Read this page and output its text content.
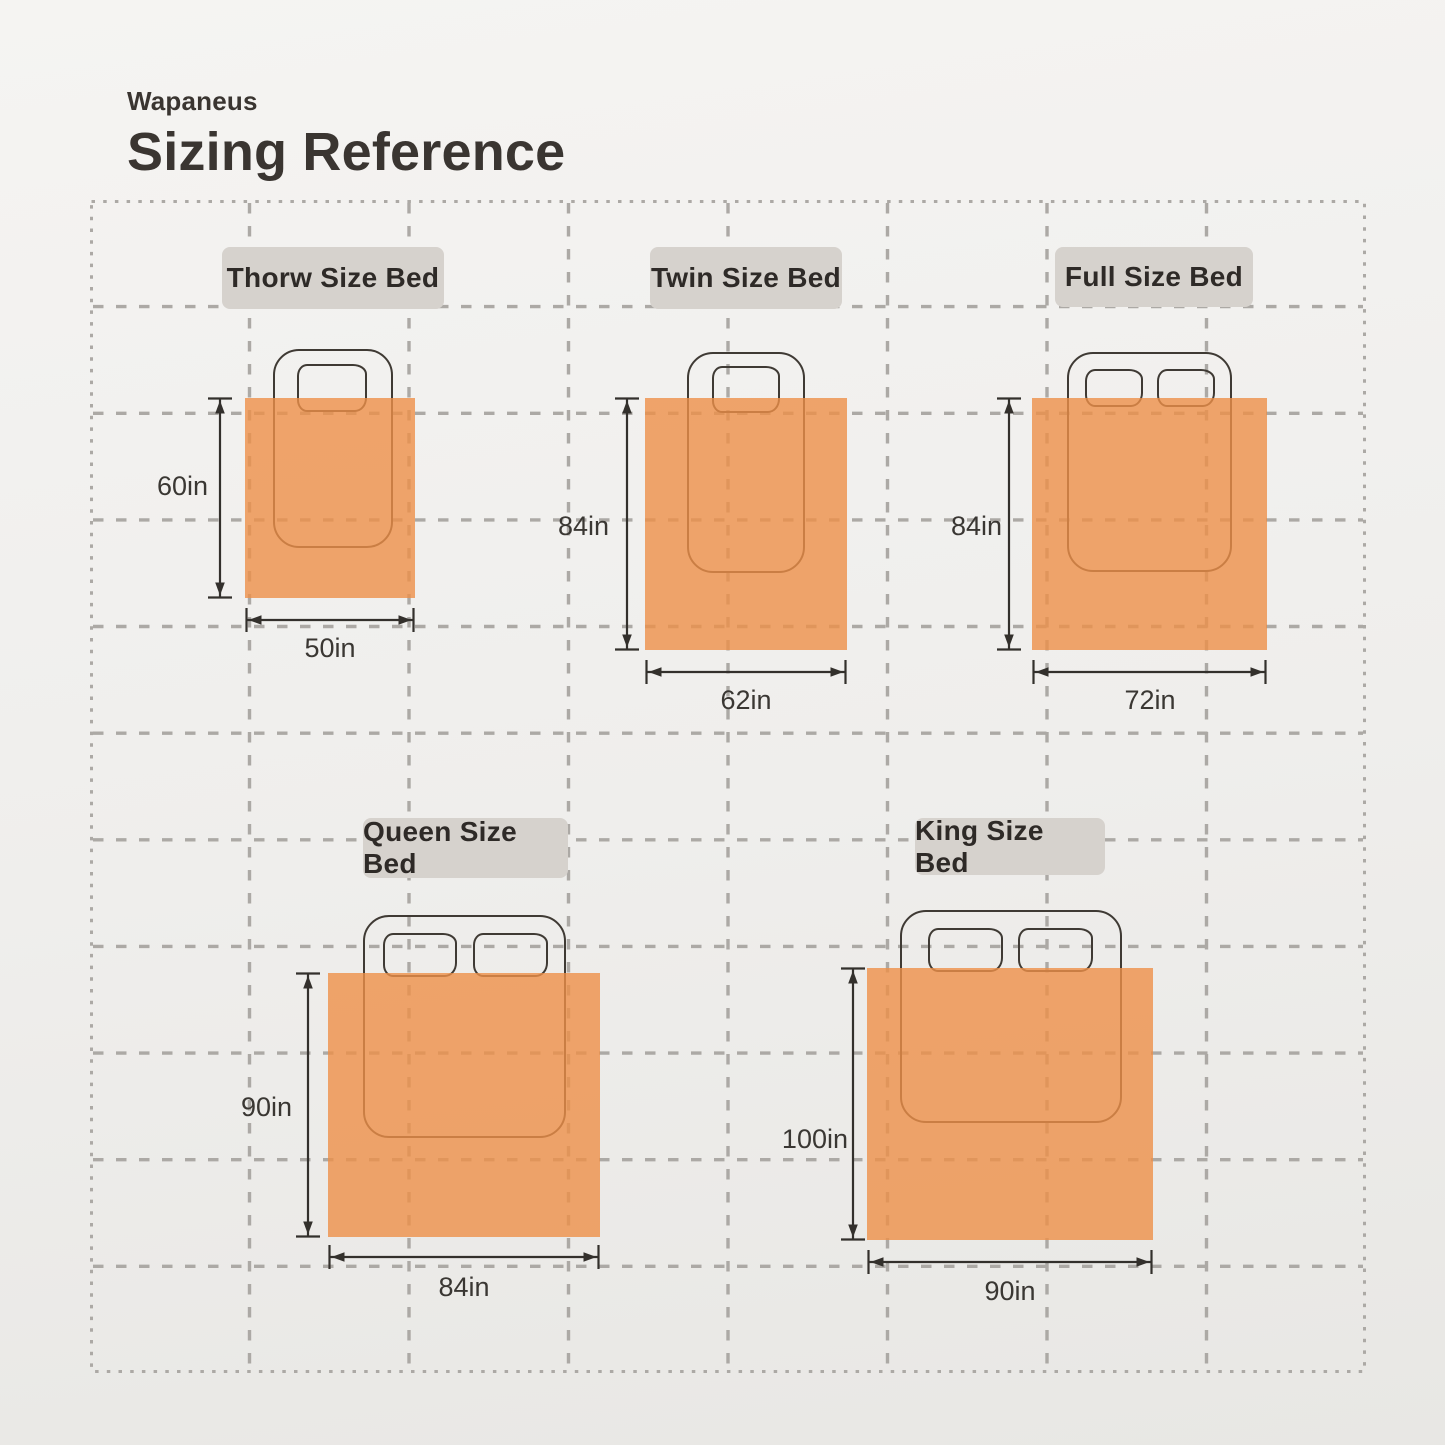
Wapaneus
Sizing Reference
Thorw Size Bed
60in
50in
Twin Size Bed
84in
62in
Full Size Bed
84in
72in
Queen Size Bed
90in
84in
King Size Bed
100in
90in
